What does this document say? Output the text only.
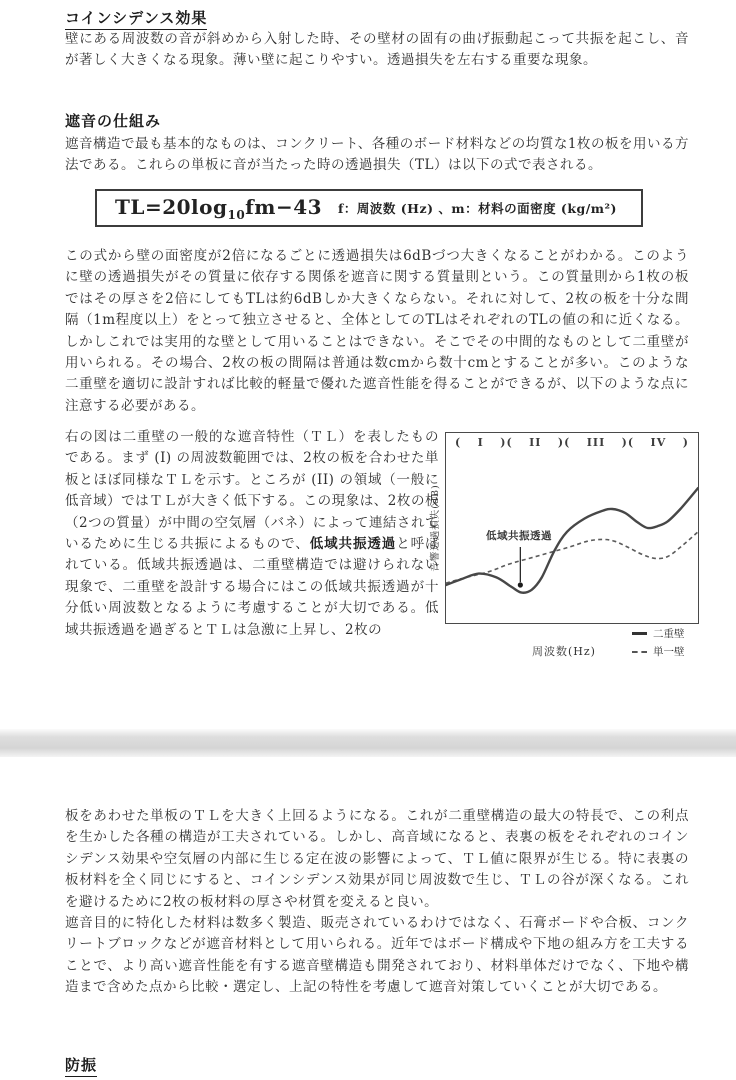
コインシデンス効果
壁にある周波数の音が斜めから入射した時、その壁材の固有の曲げ振動起こって共振を起こし、音が著しく大きくなる現象。薄い壁に起こりやすい。透過損失を左右する重要な現象。
遮音の仕組み
遮音構造で最も基本的なものは、コンクリート、各種のボード材料などの均質な1枚の板を用いる方法である。これらの単板に音が当たった時の透過損失（TL）は以下の式で表される。
$TL=20\log_{10}fm-43$ f：周波数 (Hz) 、m：材料の面密度 (kg/m²)
この式から壁の面密度が2倍になるごとに透過損失は6dBづつ大きくなることがわかる。このように壁の透過損失がその質量に依存する関係を遮音に関する質量則という。この質量則から1枚の板ではその厚さを2倍にしてもTLは約6dBしか大きくならない。それに対して、2枚の板を十分な間隔（1m程度以上）をとって独立させると、全体としてのTLはそれぞれのTLの値の和に近くなる。しかしこれでは実用的な壁として用いることはできない。そこでその中間的なものとして二重壁が用いられる。その場合、2枚の板の間隔は普通は数cmから数十cmとすることが多い。このような二重壁を適切に設計すれば比較的軽量で優れた遮音性能を得ることができるが、以下のような点に注意する必要がある。
右の図は二重壁の一般的な遮音特性（ＴＬ）を表したものである。まず (I) の周波数範囲では、2枚の板を合わせた単板とほぼ同様なＴＬを示す。ところが (II) の領域（一般に低音域）ではＴＬが大きく低下する。この現象は、2枚の板（2つの質量）が中間の空気層（バネ）によって連結されているために生じる共振によるもので、低域共振透過と呼ばれている。低域共振透過は、二重壁構造では避けられない現象で、二重壁を設計する場合にはこの低域共振透過が十分低い周波数となるように考慮することが大切である。低域共振透過を過ぎるとＴＬは急激に上昇し、2枚の
音響透過損失(dB)
( I )( II )( III )( IV )
低域共振透過
周波数(Hz)
二重壁
単一壁
板をあわせた単板のＴＬを大きく上回るようになる。これが二重壁構造の最大の特長で、この利点を生かした各種の構造が工夫されている。しかし、高音域になると、表裏の板をそれぞれのコインシデンス効果や空気層の内部に生じる定在波の影響によって、ＴＬ値に限界が生じる。特に表裏の板材料を全く同じにすると、コインシデンス効果が同じ周波数で生じ、ＴＬの谷が深くなる。これを避けるために2枚の板材料の厚さや材質を変えると良い。
遮音目的に特化した材料は数多く製造、販売されているわけではなく、石膏ボードや合板、コンクリートブロックなどが遮音材料として用いられる。近年ではボード構成や下地の組み方を工夫することで、より高い遮音性能を有する遮音壁構造も開発されており、材料単体だけでなく、下地や構造まで含めた点から比較・選定し、上記の特性を考慮して遮音対策していくことが大切である。
防振
